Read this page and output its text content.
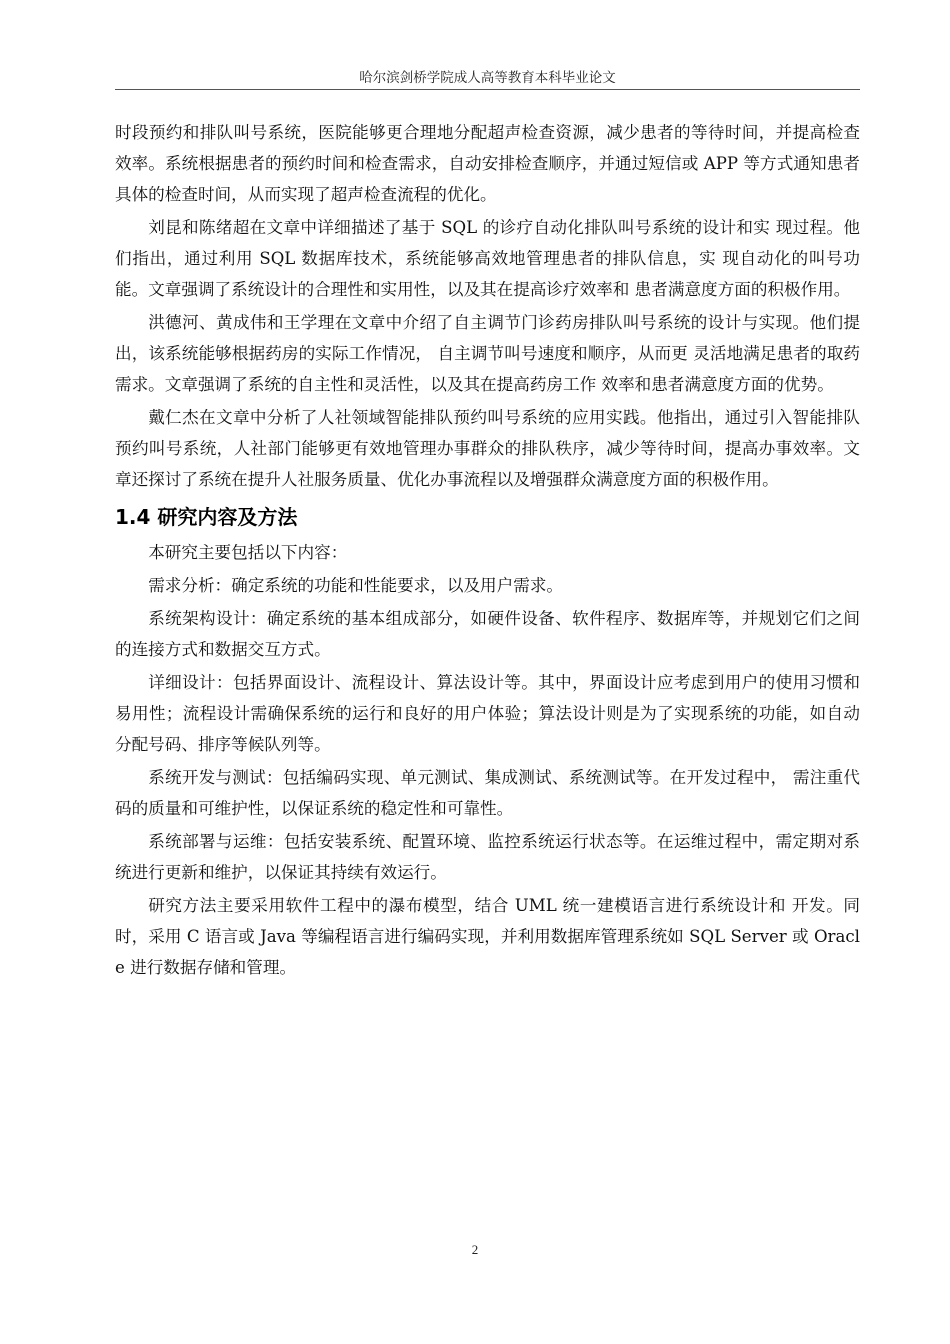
哈尔滨剑桥学院成人高等教育本科毕业论文

时段预约和排队叫号系统，医院能够更合理地分配超声检查资源，减少患者的等待时间，并提高检查效率。系统根据患者的预约时间和检查需求，自动安排检查顺序，并通过短信或 APP 等方式通知患者具体的检查时间，从而实现了超声检查流程的优化。

刘昆和陈绪超在文章中详细描述了基于 SQL 的诊疗自动化排队叫号系统的设计和实 现过程。他们指出，通过利用 SQL 数据库技术，系统能够高效地管理患者的排队信息，实 现自动化的叫号功能。文章强调了系统设计的合理性和实用性，以及其在提高诊疗效率和 患者满意度方面的积极作用。

洪德河、黄成伟和王学理在文章中介绍了自主调节门诊药房排队叫号系统的设计与实现。他们提出，该系统能够根据药房的实际工作情况， 自主调节叫号速度和顺序，从而更 灵活地满足患者的取药需求。文章强调了系统的自主性和灵活性，以及其在提高药房工作 效率和患者满意度方面的优势。

戴仁杰在文章中分析了人社领域智能排队预约叫号系统的应用实践。他指出，通过引入智能排队预约叫号系统，人社部门能够更有效地管理办事群众的排队秩序，减少等待时间，提高办事效率。文章还探讨了系统在提升人社服务质量、优化办事流程以及增强群众满意度方面的积极作用。

1.4 研究内容及方法

本研究主要包括以下内容：

需求分析：确定系统的功能和性能要求，以及用户需求。

系统架构设计：确定系统的基本组成部分，如硬件设备、软件程序、数据库等，并规划它们之间的连接方式和数据交互方式。

详细设计：包括界面设计、流程设计、算法设计等。其中，界面设计应考虑到用户的使用习惯和易用性；流程设计需确保系统的运行和良好的用户体验；算法设计则是为了实现系统的功能，如自动分配号码、排序等候队列等。

系统开发与测试：包括编码实现、单元测试、集成测试、系统测试等。在开发过程中， 需注重代码的质量和可维护性，以保证系统的稳定性和可靠性。

系统部署与运维：包括安装系统、配置环境、监控系统运行状态等。在运维过程中，需定期对系统进行更新和维护，以保证其持续有效运行。

研究方法主要采用软件工程中的瀑布模型，结合 UML 统一建模语言进行系统设计和 开发。同时，采用 C 语言或 Java 等编程语言进行编码实现，并利用数据库管理系统如 SQL Server 或 Oracle 进行数据存储和管理。

2
